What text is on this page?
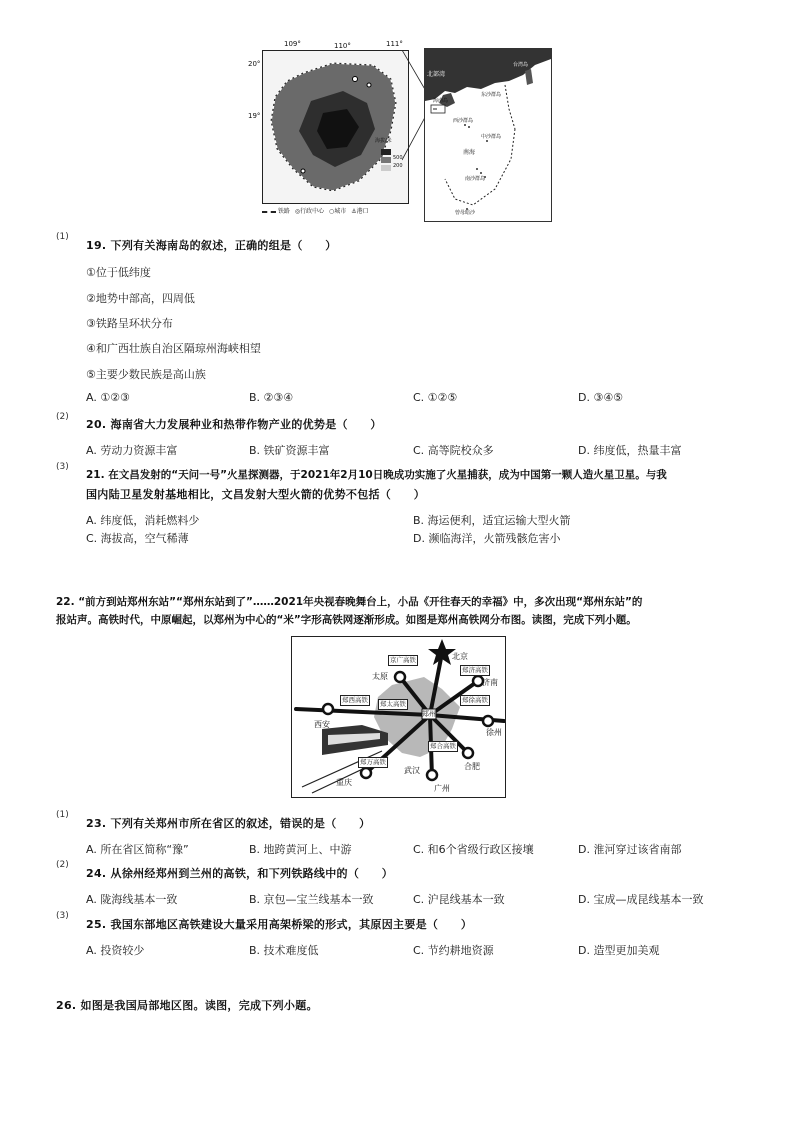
海拔/米
500
200
109°	110°	111°
20°
19°
铁路 ◎行政中心 ○城市 ⚓港口
北部湾
海南岛
台湾岛
西沙群岛
东沙群岛
中沙群岛
南海
南沙群岛
曾母暗沙
(1)
19. 下列有关海南岛的叙述，正确的组是（　　）
①位于低纬度
②地势中部高，四周低
③铁路呈环状分布
④和广西壮族自治区隔琼州海峡相望
⑤主要少数民族是高山族
A. ①②③	B. ②③④	C. ①②⑤	D. ③④⑤
(2)
20. 海南省大力发展种业和热带作物产业的优势是（　　）
A. 劳动力资源丰富	B. 铁矿资源丰富	C. 高等院校众多	D. 纬度低，热量丰富
(3)
21. 在文昌发射的“天问一号”火星探测器，于2021年2月10日晚成功实施了火星捕获，成为中国第一颗人造火星卫星。与我
国内陆卫星发射基地相比，文昌发射大型火箭的优势不包括（　　）
A. 纬度低，消耗燃料少	B. 海运便利，适宜运输大型火箭
C. 海拔高，空气稀薄	D. 濒临海洋，火箭残骸危害小
22. “前方到站郑州东站”“郑州东站到了”……2021年央视春晚舞台上，小品《开往春天的幸福》中，多次出现“郑州东站”的
报站声。高铁时代，中原崛起，以郑州为中心的“米”字形高铁网逐渐形成。如图是郑州高铁网分布图。读图，完成下列小题。
京广高铁
郑济高铁
郑西高铁	郑太高铁	郑徐高铁
郑合高铁
郑万高铁
北京
济南
太原
西安
郑州
徐州
合肥
武汉
重庆
广州
(1)
23. 下列有关郑州市所在省区的叙述，错误的是（　　）
A. 所在省区简称“豫”	B. 地跨黄河上、中游	C. 和6个省级行政区接壤	D. 淮河穿过该省南部
(2)
24. 从徐州经郑州到兰州的高铁，和下列铁路线中的（　　）
A. 陇海线基本一致	B. 京包—宝兰线基本一致	C. 沪昆线基本一致	D. 宝成—成昆线基本一致
(3)
25. 我国东部地区高铁建设大量采用高架桥梁的形式，其原因主要是（　　）
A. 投资较少	B. 技术难度低	C. 节约耕地资源	D. 造型更加美观
26. 如图是我国局部地区图。读图，完成下列小题。
